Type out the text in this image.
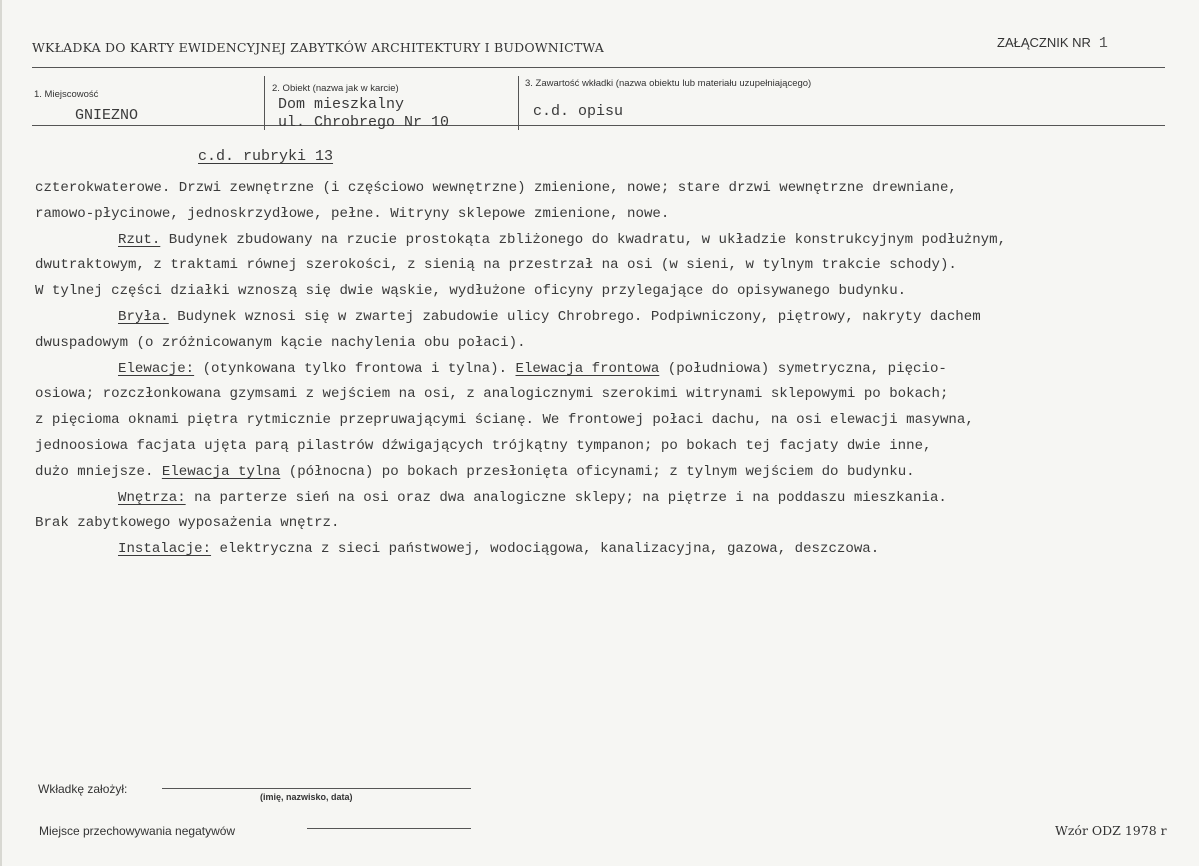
WKŁADKA DO KARTY EWIDENCYJNEJ ZABYTKÓW ARCHITEKTURY I BUDOWNICTWA	ZAŁĄCZNIK NR 1
1. Miejscowość
GNIEZNO
2. Obiekt (nazwa jak w karcie)
Dom mieszkalny
ul. Chrobrego Nr 10
3. Zawartość wkładki (nazwa obiektu lub materiału uzupełniającego)
c.d. opisu
c.d. rubryki 13

czterokwaterowe. Drzwi zewnętrzne (i częściowo wewnętrzne) zmienione, nowe; stare drzwi wewnętrzne drewniane,

ramowo-płycinowe, jednoskrzydłowe, pełne. Witryny sklepowe zmienione, nowe.

Rzut. Budynek zbudowany na rzucie prostokąta zbliżonego do kwadratu, w układzie konstrukcyjnym podłużnym,

dwutraktowym, z traktami równej szerokości, z sienią na przestrzał na osi (w sieni, w tylnym trakcie schody).

W tylnej części działki wznoszą się dwie wąskie, wydłużone oficyny przylegające do opisywanego budynku.

Bryła. Budynek wznosi się w zwartej zabudowie ulicy Chrobrego. Podpiwniczony, piętrowy, nakryty dachem

dwuspadowym (o zróżnicowanym kącie nachylenia obu połaci).

Elewacje: (otynkowana tylko frontowa i tylna). Elewacja frontowa (południowa) symetryczna, pięcio-

osiowa; rozczłonkowana gzymsami z wejściem na osi, z analogicznymi szerokimi witrynami sklepowymi po bokach;

z pięcioma oknami piętra rytmicznie przepruwającymi ścianę. We frontowej połaci dachu, na osi elewacji masywna,

jednoosiowa facjata ujęta parą pilastrów dźwigających trójkątny tympanon; po bokach tej facjaty dwie inne,

dużo mniejsze. Elewacja tylna (północna) po bokach przesłonięta oficynami; z tylnym wejściem do budynku.

Wnętrza: na parterze sień na osi oraz dwa analogiczne sklepy; na piętrze i na poddaszu mieszkania.

Brak zabytkowego wyposażenia wnętrz.

Instalacje: elektryczna z sieci państwowej, wodociągowa, kanalizacyjna, gazowa, deszczowa.

Wkładkę założył:
(imię, nazwisko, data)
Miejsce przechowywania negatywów	Wzór ODZ 1978 r
